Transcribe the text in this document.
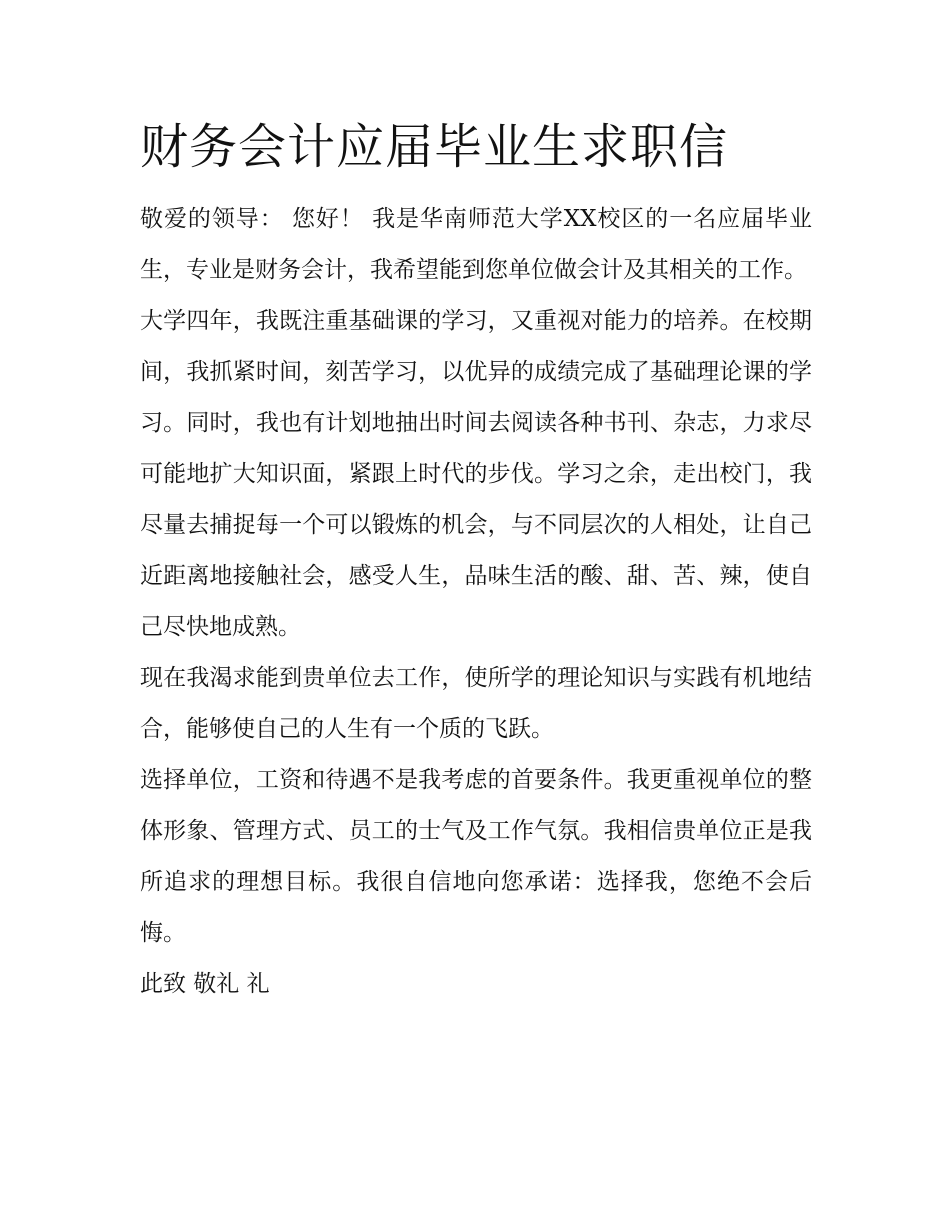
财务会计应届毕业生求职信

敬爱的领导： 您好！ 我是华南师范大学XX校区的一名应届毕业生，专业是财务会计，我希望能到您单位做会计及其相关的工作。

大学四年，我既注重基础课的学习，又重视对能力的培养。在校期间，我抓紧时间，刻苦学习，以优异的成绩完成了基础理论课的学习。同时，我也有计划地抽出时间去阅读各种书刊、杂志，力求尽可能地扩大知识面，紧跟上时代的步伐。学习之余，走出校门，我尽量去捕捉每一个可以锻炼的机会，与不同层次的人相处，让自己近距离地接触社会，感受人生，品味生活的酸、甜、苦、辣，使自己尽快地成熟。

现在我渴求能到贵单位去工作，使所学的理论知识与实践有机地结合，能够使自己的人生有一个质的飞跃。

选择单位，工资和待遇不是我考虑的首要条件。我更重视单位的整体形象、管理方式、员工的士气及工作气氛。我相信贵单位正是我所追求的理想目标。我很自信地向您承诺：选择我，您绝不会后悔。

此致 敬礼 礼
